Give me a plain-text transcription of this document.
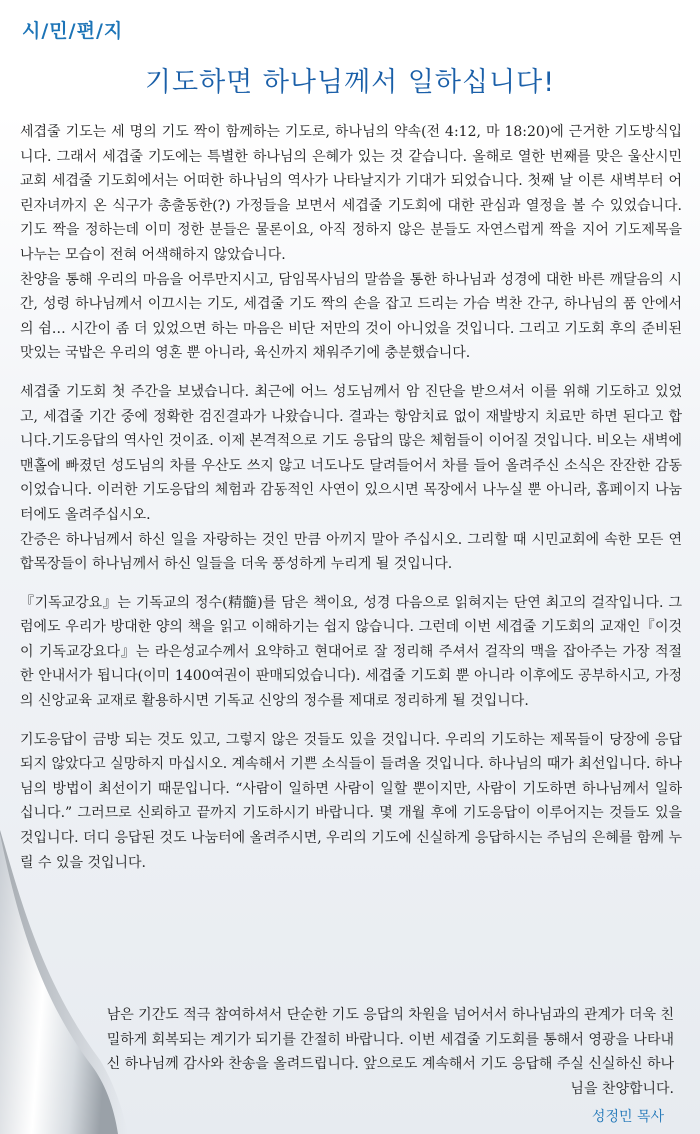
시/민/편/지
기도하면 하나님께서 일하십니다!

세겹줄 기도는 세 명의 기도 짝이 함께하는 기도로, 하나님의 약속(전 4:12, 마 18:20)에 근거한 기도방식입니다. 그래서 세겹줄 기도에는 특별한 하나님의 은혜가 있는 것 같습니다. 올해로 열한 번째를 맞은 울산시민교회 세겹줄 기도회에서는 어떠한 하나님의 역사가 나타날지가 기대가 되었습니다. 첫째 날 이른 새벽부터 어린자녀까지 온 식구가 총출동한(?) 가정들을 보면서 세겹줄 기도회에 대한 관심과 열정을 볼 수 있었습니다. 기도 짝을 정하는데 이미 정한 분들은 물론이요, 아직 정하지 않은 분들도 자연스럽게 짝을 지어 기도제목을 나누는 모습이 전혀 어색해하지 않았습니다.

찬양을 통해 우리의 마음을 어루만지시고, 담임목사님의 말씀을 통한 하나님과 성경에 대한 바른 깨달음의 시간, 성령 하나님께서 이끄시는 기도, 세겹줄 기도 짝의 손을 잡고 드리는 가슴 벅찬 간구, 하나님의 품 안에서의 쉼… 시간이 좀 더 있었으면 하는 마음은 비단 저만의 것이 아니었을 것입니다. 그리고 기도회 후의 준비된 맛있는 국밥은 우리의 영혼 뿐 아니라, 육신까지 채워주기에 충분했습니다.

세겹줄 기도회 첫 주간을 보냈습니다. 최근에 어느 성도님께서 암 진단을 받으셔서 이를 위해 기도하고 있었고, 세겹줄 기간 중에 정확한 검진결과가 나왔습니다. 결과는 항암치료 없이 재발방지 치료만 하면 된다고 합니다.기도응답의 역사인 것이죠. 이제 본격적으로 기도 응답의 많은 체험들이 이어질 것입니다. 비오는 새벽에 맨홀에 빠졌던 성도님의 차를 우산도 쓰지 않고 너도나도 달려들어서 차를 들어 올려주신 소식은 잔잔한 감동이었습니다. 이러한 기도응답의 체험과 감동적인 사연이 있으시면 목장에서 나누실 뿐 아니라, 홈페이지 나눔터에도 올려주십시오.

간증은 하나님께서 하신 일을 자랑하는 것인 만큼 아끼지 말아 주십시오. 그리할 때 시민교회에 속한 모든 연합목장들이 하나님께서 하신 일들을 더욱 풍성하게 누리게 될 것입니다.

『기독교강요』는 기독교의 정수(精髓)를 담은 책이요, 성경 다음으로 읽혀지는 단연 최고의 걸작입니다. 그럼에도 우리가 방대한 양의 책을 읽고 이해하기는 쉽지 않습니다. 그런데 이번 세겹줄 기도회의 교재인『이것이 기독교강요다』는 라은성교수께서 요약하고 현대어로 잘 정리해 주셔서 걸작의 맥을 잡아주는 가장 적절한 안내서가 됩니다(이미 1400여권이 판매되었습니다). 세겹줄 기도회 뿐 아니라 이후에도 공부하시고, 가정의 신앙교육 교재로 활용하시면 기독교 신앙의 정수를 제대로 정리하게 될 것입니다.

기도응답이 금방 되는 것도 있고, 그렇지 않은 것들도 있을 것입니다. 우리의 기도하는 제목들이 당장에 응답되지 않았다고 실망하지 마십시오. 계속해서 기쁜 소식들이 들려올 것입니다. 하나님의 때가 최선입니다. 하나님의 방법이 최선이기 때문입니다. “사람이 일하면 사람이 일할 뿐이지만, 사람이 기도하면 하나님께서 일하십니다.” 그러므로 신뢰하고 끝까지 기도하시기 바랍니다. 몇 개월 후에 기도응답이 이루어지는 것들도 있을 것입니다. 더디 응답된 것도 나눔터에 올려주시면, 우리의 기도에 신실하게 응답하시는 주님의 은혜를 함께 누릴 수 있을 것입니다.

남은 기간도 적극 참여하셔서 단순한 기도 응답의 차원을 넘어서서 하나님과의 관계가 더욱 친밀하게 회복되는 계기가 되기를 간절히 바랍니다. 이번 세겹줄 기도회를 통해서 영광을 나타내신 하나님께 감사와 찬송을 올려드립니다. 앞으로도 계속해서 기도 응답해 주실 신실하신 하나님을 찬양합니다.
성정민 목사
